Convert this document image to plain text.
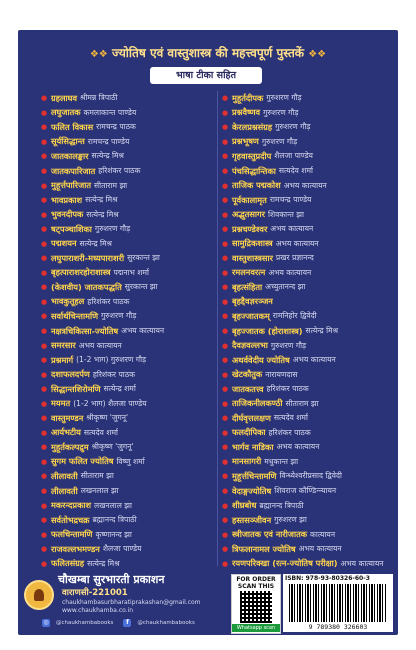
❖❖ ज्योतिष एवं वास्तुशास्त्र की महत्त्वपूर्ण पुस्तकें ❖❖
भाषा टीका सहित
● ग्रहलाघव श्रीमन्न त्रिपाठी
● लघुजातक कमलाकान्त पाण्डेय
● फलित विकास रामचन्द्र पाठक
● सूर्यसिद्धान्त रामचन्द्र पाण्डेय
● जातकालङ्कार सत्येन्द्र मिश्र
● जातकपारिजात हरिशंकर पाठक
● मुहूर्त्तपारिजात सीताराम झा
● भावप्रकाश सत्येन्द्र मिश्र
● भुवनदीपक सत्येन्द्र मिश्र
● षट्पञ्चाशिका गुरुशरण गौड़
● पद्मशयन सत्येन्द्र मिश्र
● लघुपाराशरी-मध्यपाराशरी सुरकान्त झा
● बृहत्पाराशरहोराशास्त्र पद्मनाभ शर्मा
● (केशवीय) जातकपद्धति सुरकान्त झा
● भावकुतूहल हरिशंकर पाठक
● सर्वार्थचिन्तामणि गुरुशरण गौड़
● नक्षत्रचिकित्सा-ज्योतिष अभय कात्यायन
● समरसार अभय कात्यायन
● प्रश्नमार्ग (1-2 भाग) गुरुशरण गौड़
● दशाफलदर्पण हरिशंकर पाठक
● सिद्धान्तशिरोमणि सत्येन्द्र शर्मा
● मयमत (1-2 भाग) शैलजा पाण्डेय
● वास्तुमण्डन श्रीकृष्ण 'जुगनू'
● आर्यभटीय सत्यदेव शर्मा
● मुहूर्तकल्पद्रुम श्रीकृष्ण 'जुगनू'
● सुगम फलित ज्योतिष विष्णु शर्मा
● लीलावती सीताराम झा
● लीलावती लखनलाल झा
● मकरन्दप्रकाश लखनलाल झा
● सर्वतोभद्रचक्र ब्रह्मानन्द त्रिपाठी
● फलचिन्तामणि कृष्णानन्द झा
● राजवल्लभमण्डन शैलजा पाण्डेय
● फलितसंग्रह सत्येन्द्र मिश्र
● मुहूर्तदीपक गुरुशरण गौड़
● प्रश्नवैष्णव गुरुशरण गौड़
● केरलप्रश्नसंग्रह गुरुशरण गौड़
● प्रश्नभूषण गुरुशरण गौड़
● गृहवास्तुप्रदीप शैलजा पाण्डेय
● पंचसिद्धान्तिका सत्यदेव शर्मा
● ताजिक पद्मकोश अभय कात्यायन
● पूर्वकालामृत रामचन्द्र पाण्डेय
● अद्भुतसागर शिवकान्त झा
● प्रश्नचण्डेश्वर अभय कात्यायन
● सामुद्रिकशास्त्र अभय कात्यायन
● वास्तुशास्त्रसार प्रखर प्रज्ञानन्द
● रमलनवरत्न अभय कात्यायन
● बृहत्संहिता अच्युतानन्द झा
● बृहद्दैवज्ञरञ्जन
● बृहज्जातकम् रामनिहोर द्विवेदी
● बृहज्जातक (होराशास्त्र) सत्येन्द्र मिश्र
● दैवज्ञवल्लभा गुरुशरण गौड़
● अथर्ववेदीय ज्योतिष अभय कात्यायन
● खेटकौतुक नारायणदास
● जातकतत्त्व हरिशंकर पाठक
● ताजिकनीलकण्ठी सीताराम झा
● दीर्घवृत्तलक्षण सत्यदेव शर्मा
● फलदीपिका हरिशंकर पाठक
● भार्गव नाडिका अभय कात्यायन
● मानसागरी मधुकान्त झा
● मुहूर्त्तचिन्तामणि विन्ध्येश्वरीप्रसाद द्विवेदी
● वेदाङ्गज्योतिष शिवराज कौण्डिन्न्यायन
● शीघ्रबोध ब्रह्मानन्द त्रिपाठी
● हस्तसञ्जीवन गुरुशरण झा
● स्त्रीजातक एवं नारीजातक कात्यायन
● त्रिफलानामल ज्योतिष अभय कात्यायन
● रयणपरिक्खा (रत्न-ज्योतिष परीक्षा) अभय कात्यायन
चौखम्बा सुरभारती प्रकाशन
वाराणसी-221001
chaukhambasurbharatiprakashan@gmail.com
www.chaukhamba.co.in
◎ @chaukhambabooks	f	@chaukhambabooks
FOR ORDER SCAN THIS
Whatsapp scan
ISBN: 978-93-80326-60-3
9 789380 326603
